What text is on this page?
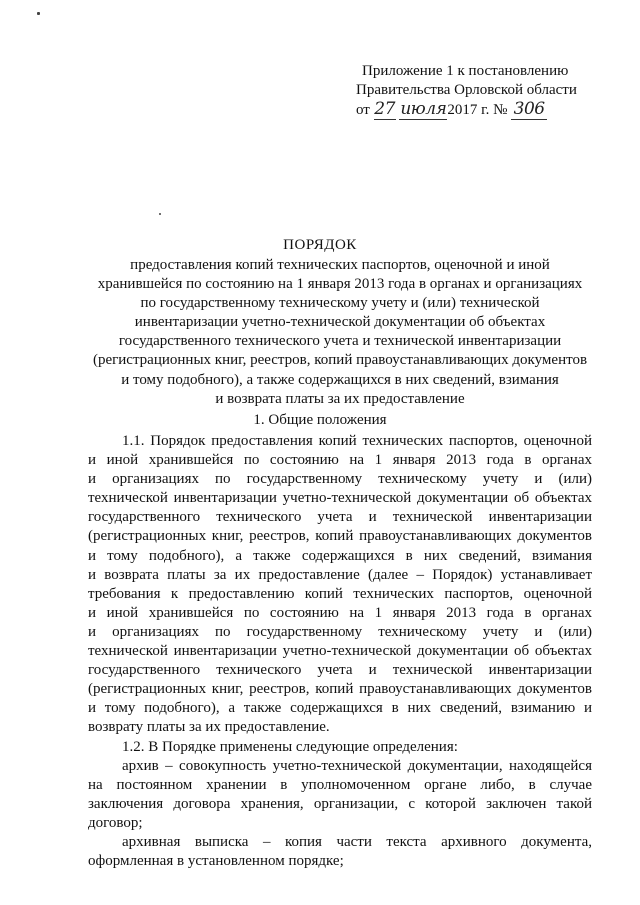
Приложение 1 к постановлению
Правительства Орловской области
от 27 июля2017 г. № 306
ПОРЯДОК
предоставления копий технических паспортов, оценочной и иной
хранившейся по состоянию на 1 января 2013 года в органах и организациях
по государственному техническому учету и (или) технической
инвентаризации учетно-технической документации об объектах
государственного технического учета и технической инвентаризации
(регистрационных книг, реестров, копий правоустанавливающих документов
и тому подобного), а также содержащихся в них сведений, взимания
и возврата платы за их предоставление
1. Общие положения
1.1. Порядок предоставления копий технических паспортов, оценочной
и иной хранившейся по состоянию на 1 января 2013 года в органах
и организациях по государственному техническому учету и (или)
технической инвентаризации учетно-технической документации об объектах
государственного технического учета и технической инвентаризации
(регистрационных книг, реестров, копий правоустанавливающих документов
и тому подобного), а также содержащихся в них сведений, взимания
и возврата платы за их предоставление (далее – Порядок) устанавливает
требования к предоставлению копий технических паспортов, оценочной
и иной хранившейся по состоянию на 1 января 2013 года в органах
и организациях по государственному техническому учету и (или)
технической инвентаризации учетно-технической документации об объектах
государственного технического учета и технической инвентаризации
(регистрационных книг, реестров, копий правоустанавливающих документов
и тому подобного), а также содержащихся в них сведений, взиманию и
возврату платы за их предоставление.
1.2. В Порядке применены следующие определения:
архив – совокупность учетно-технической документации, находящейся
на постоянном хранении в уполномоченном органе либо, в случае
заключения договора хранения, организации, с которой заключен такой
договор;
архивная выписка – копия части текста архивного документа,
оформленная в установленном порядке;
